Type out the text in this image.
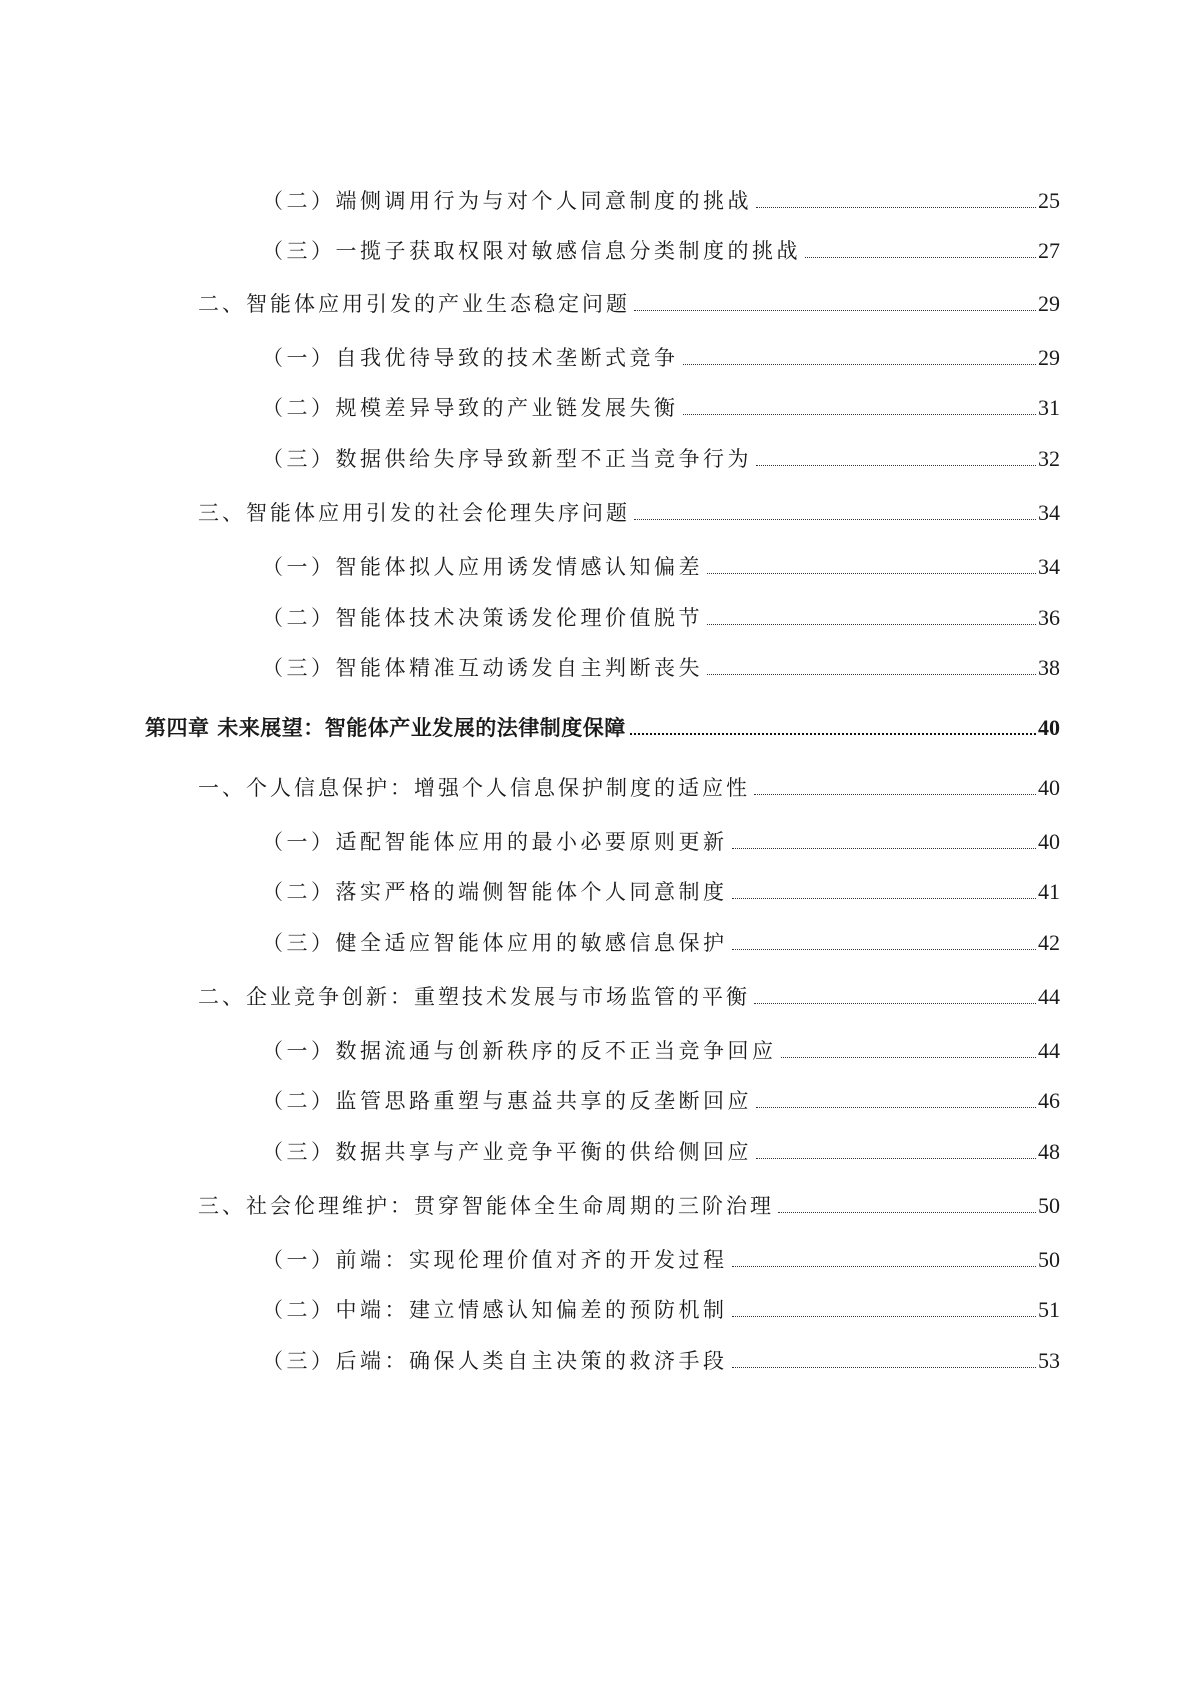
（二）端侧调用行为与对个人同意制度的挑战	25
（三）一揽子获取权限对敏感信息分类制度的挑战	27
二、智能体应用引发的产业生态稳定问题	29
（一）自我优待导致的技术垄断式竞争	29
（二）规模差异导致的产业链发展失衡	31
（三）数据供给失序导致新型不正当竞争行为	32
三、智能体应用引发的社会伦理失序问题	34
（一）智能体拟人应用诱发情感认知偏差	34
（二）智能体技术决策诱发伦理价值脱节	36
（三）智能体精准互动诱发自主判断丧失	38
第四章 未来展望：智能体产业发展的法律制度保障	40
一、个人信息保护：增强个人信息保护制度的适应性	40
（一）适配智能体应用的最小必要原则更新	40
（二）落实严格的端侧智能体个人同意制度	41
（三）健全适应智能体应用的敏感信息保护	42
二、企业竞争创新：重塑技术发展与市场监管的平衡	44
（一）数据流通与创新秩序的反不正当竞争回应	44
（二）监管思路重塑与惠益共享的反垄断回应	46
（三）数据共享与产业竞争平衡的供给侧回应	48
三、社会伦理维护：贯穿智能体全生命周期的三阶治理	50
（一）前端：实现伦理价值对齐的开发过程	50
（二）中端：建立情感认知偏差的预防机制	51
（三）后端：确保人类自主决策的救济手段	53
